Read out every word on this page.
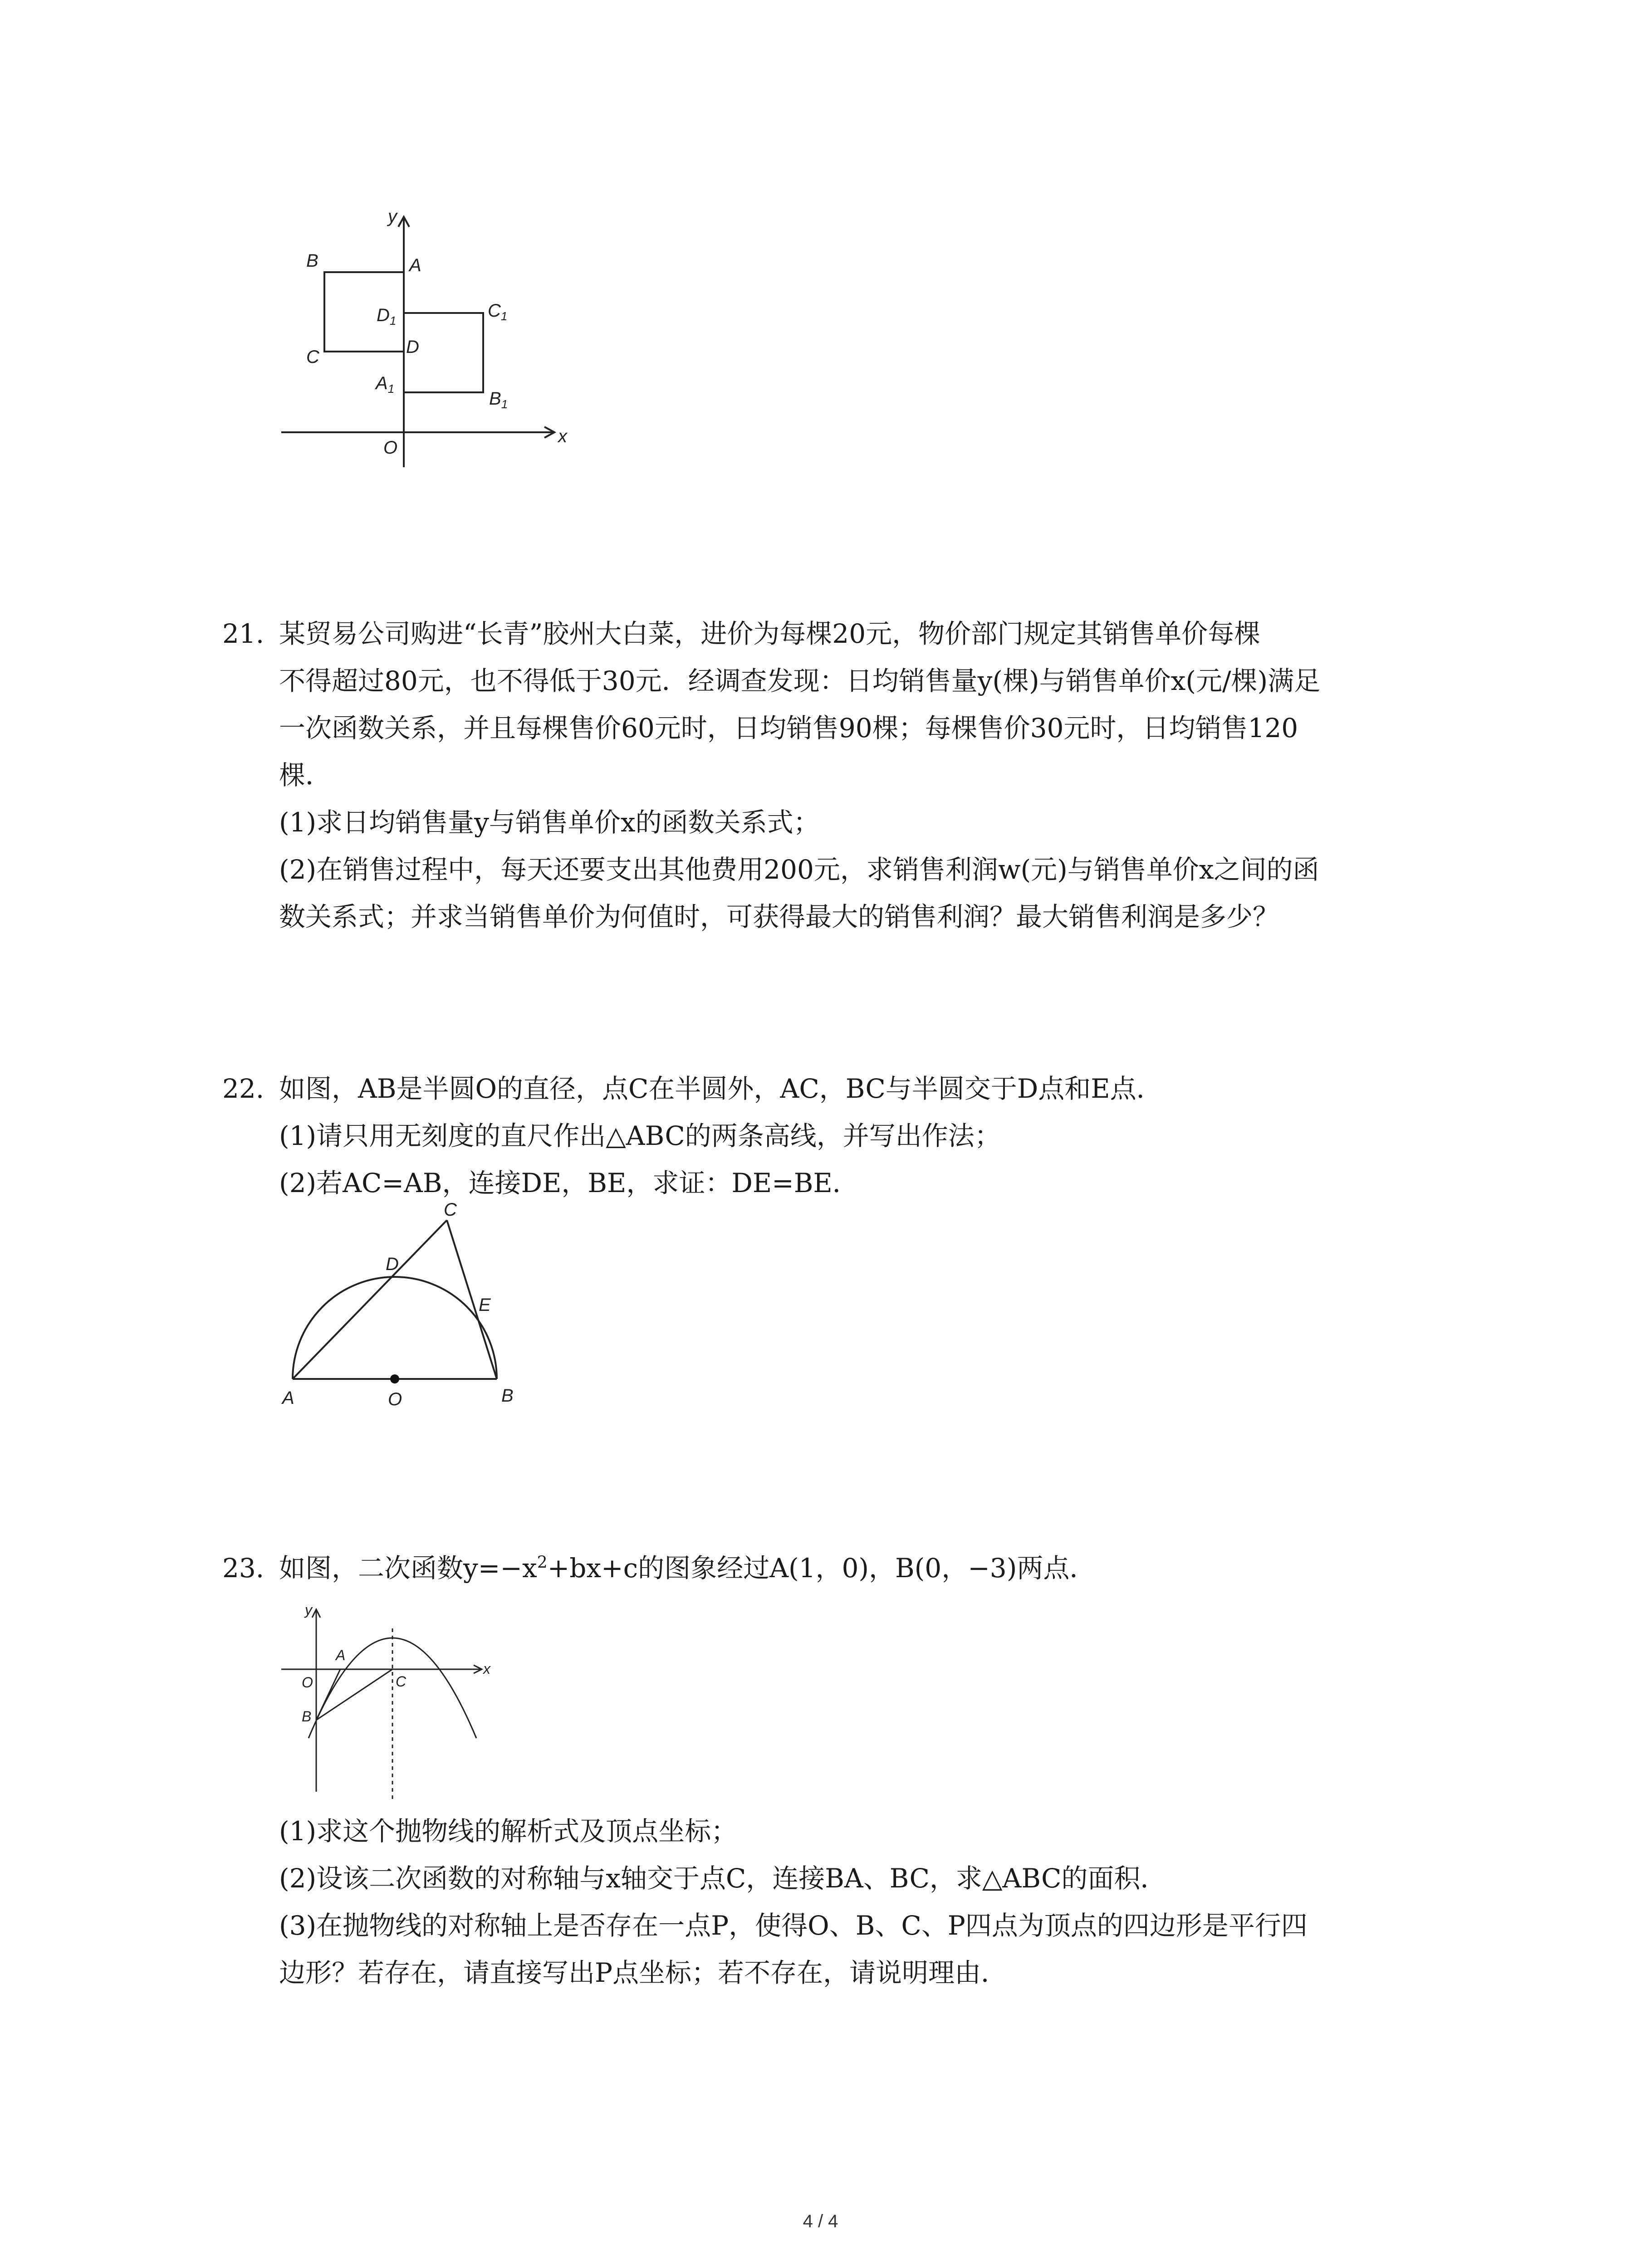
y
x
O
B	A
C	D
$D_1$	$C_1$
$A_1$	$B_1$
21. 某贸易公司购进“长青”胶州大白菜，进价为每棵20元，物价部门规定其销售单价每棵
不得超过80元，也不得低于30元．经调查发现：日均销售量y(棵)与销售单价x(元/棵)满足
一次函数关系，并且每棵售价60元时，日均销售90棵；每棵售价30元时，日均销售120
棵．
(1)求日均销售量y与销售单价x的函数关系式；
(2)在销售过程中，每天还要支出其他费用200元，求销售利润w(元)与销售单价x之间的函
数关系式；并求当销售单价为何值时，可获得最大的销售利润？最大销售利润是多少？
22. 如图，AB是半圆O的直径，点C在半圆外，AC，BC与半圆交于D点和E点．
(1)请只用无刻度的直尺作出△ABC的两条高线，并写出作法；
(2)若AC=AB，连接DE，BE，求证：DE=BE．
A	B
C
D
E
O
23. 如图，二次函数$y=-x^2+bx+c$的图象经过A(1，0)，B(0，−3)两点．
y
x
O
A
B
C
(1)求这个抛物线的解析式及顶点坐标；
(2)设该二次函数的对称轴与x轴交于点C，连接BA、BC，求△ABC的面积．
(3)在抛物线的对称轴上是否存在一点P，使得O、B、C、P四点为顶点的四边形是平行四
边形？若存在，请直接写出P点坐标；若不存在，请说明理由．
4 / 4
